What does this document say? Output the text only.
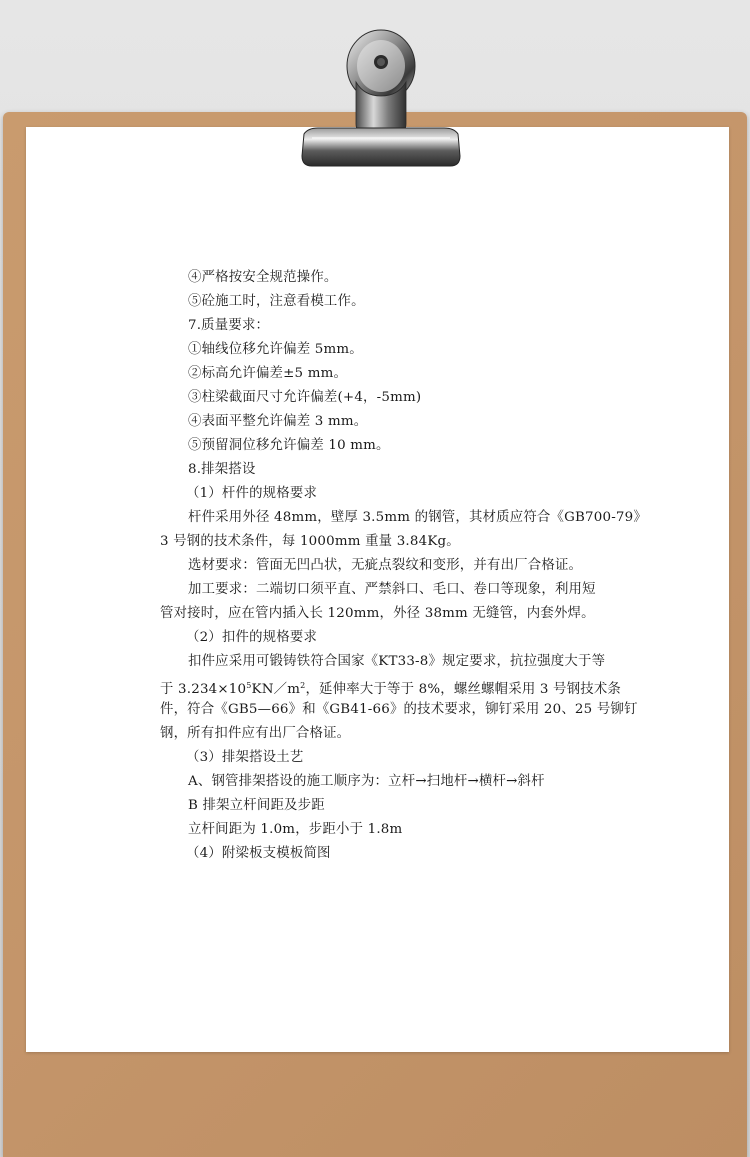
④严格按安全规范操作。
⑤砼施工时，注意看模工作。
7.质量要求：
①轴线位移允许偏差 5mm。
②标高允许偏差±5 mm。
③柱梁截面尺寸允许偏差(+4，-5mm)
④表面平整允许偏差 3 mm。
⑤预留洞位移允许偏差 10 mm。
8.排架搭设
（1）杆件的规格要求
杆件采用外径 48mm，壁厚 3.5mm 的钢管，其材质应符合《GB700-79》
3 号钢的技术条件，每 1000mm 重量 3.84Kg。
选材要求：管面无凹凸状，无疵点裂纹和变形，并有出厂合格证。
加工要求：二端切口须平直、严禁斜口、毛口、卷口等现象，利用短
管对接时，应在管内插入长 120mm，外径 38mm 无缝管，内套外焊。
（2）扣件的规格要求
扣件应采用可锻铸铁符合国家《KT33-8》规定要求，抗拉强度大于等
于 $3.234\times 10^5KN/m^2$，延伸率大于等于 8%，螺丝螺帽采用 3 号钢技术条
件，符合《GB5—66》和《GB41-66》的技术要求，铆钉采用 20、25 号铆钉
钢，所有扣件应有出厂合格证。
（3）排架搭设土艺
A、钢管排架搭设的施工顺序为：立杆→扫地杆→横杆→斜杆
B 排架立杆间距及步距
立杆间距为 1.0m，步距小于 1.8m
（4）附梁板支模板简图
